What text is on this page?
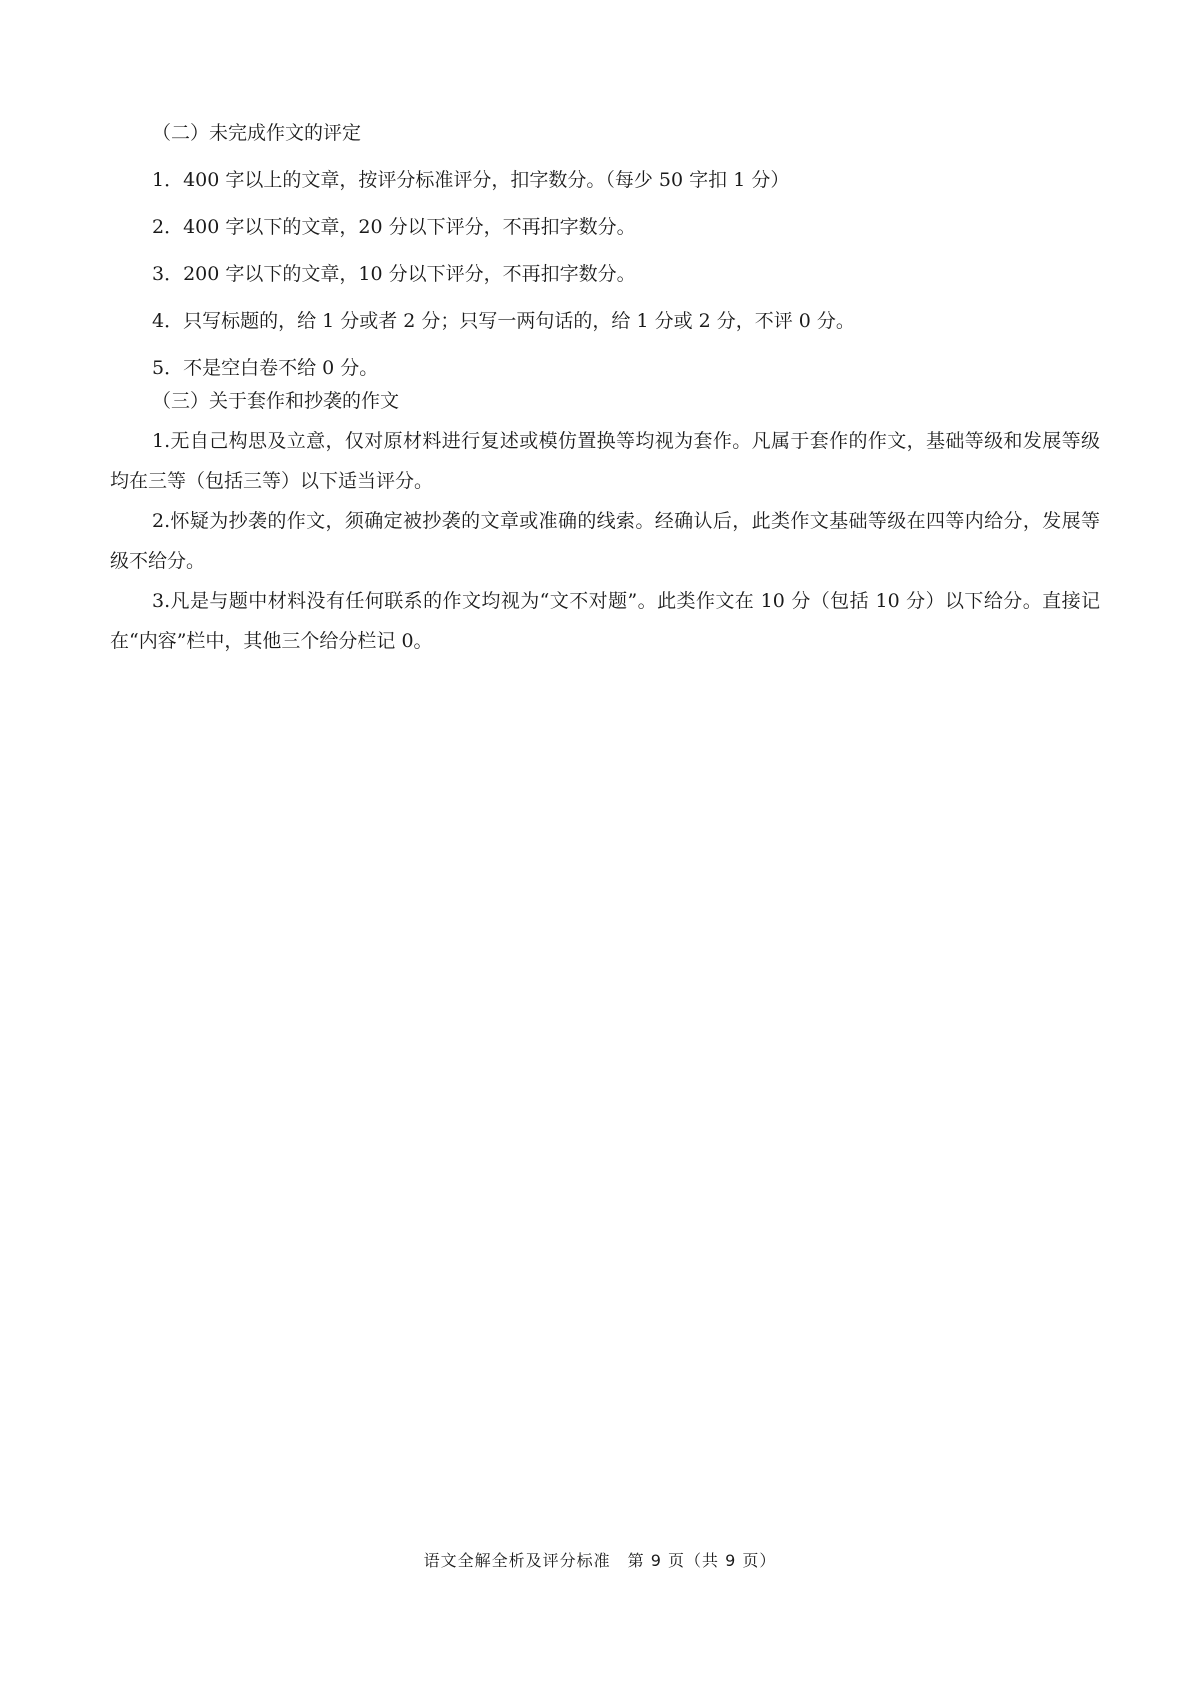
（二）未完成作文的评定

1．400 字以上的文章，按评分标准评分，扣字数分。（每少 50 字扣 1 分）

2．400 字以下的文章，20 分以下评分，不再扣字数分。

3．200 字以下的文章，10 分以下评分，不再扣字数分。

4．只写标题的，给 1 分或者 2 分；只写一两句话的，给 1 分或 2 分，不评 0 分。

5．不是空白卷不给 0 分。

（三）关于套作和抄袭的作文

1.无自己构思及立意，仅对原材料进行复述或模仿置换等均视为套作。凡属于套作的作文，基础等级和发展等级均在三等（包括三等）以下适当评分。

2.怀疑为抄袭的作文，须确定被抄袭的文章或准确的线索。经确认后，此类作文基础等级在四等内给分，发展等级不给分。

3.凡是与题中材料没有任何联系的作文均视为“文不对题”。此类作文在 10 分（包括 10 分）以下给分。直接记在“内容”栏中，其他三个给分栏记 0。

语文全解全析及评分标准　第 9 页（共 9 页）
